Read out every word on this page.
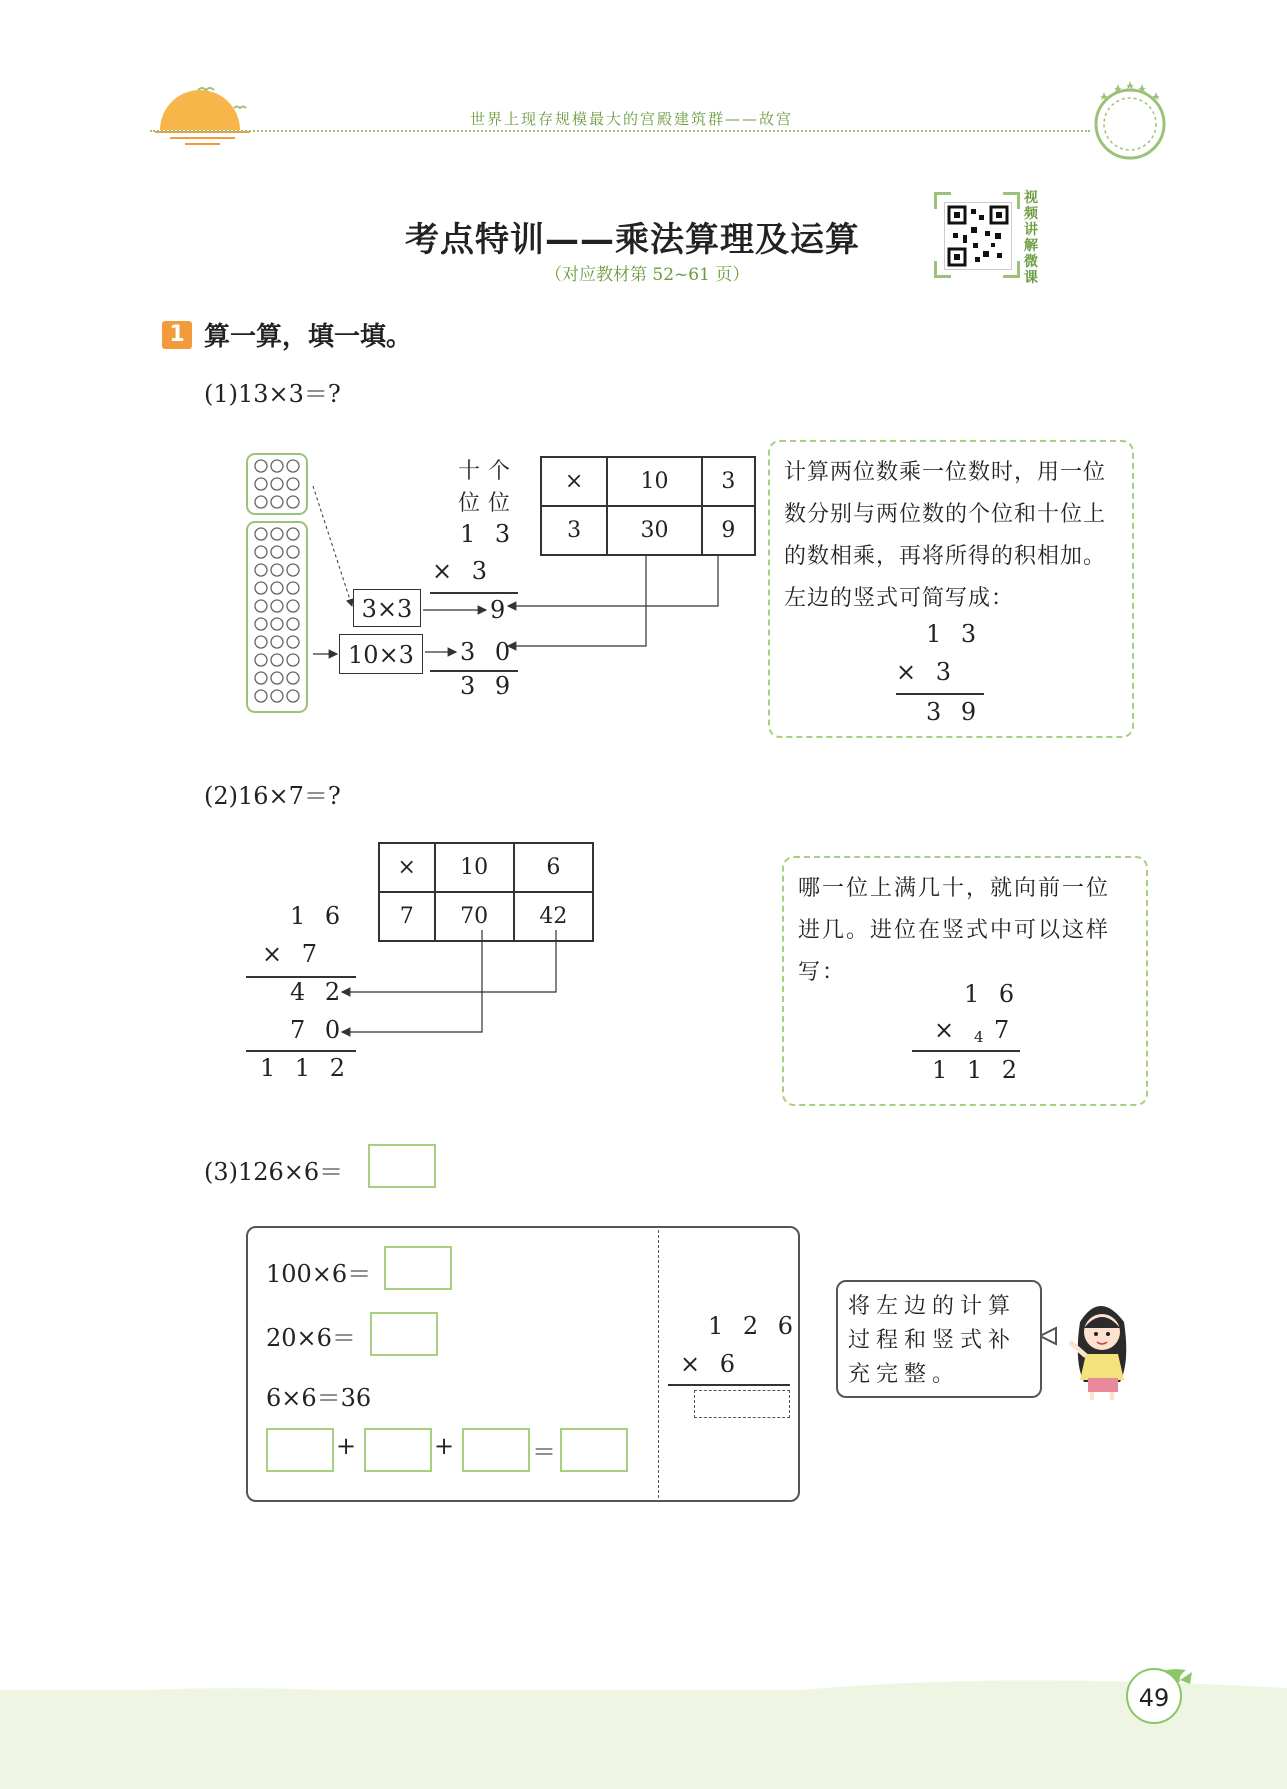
世界上现存规模最大的宫殿建筑群——故宫
考点特训——乘法算理及运算
（对应教材第 52~61 页）
视频讲解微课
1 算一算，填一填。
(1)13×3＝?
十 个
位 位
1 3
× 3
9
3 0
3 9
3×3
10×3
×	10	3
3	30	9
计算两位数乘一位数时，用一位数分别与两位数的个位和十位上的数相乘，再将所得的积相加。左边的竖式可简写成：
1 3
× 3
3 9
(2)16×7＝?
×	10	6
7	70	42
1 6
× 7
4 2
7 0
1 1 2
哪一位上满几十，就向前一位进几。进位在竖式中可以这样写：
1 6
× 4 7
1 1 2
(3)126×6＝
100×6＝
20×6＝
6×6＝36
+	+	＝
1 2 6
× 6
将左边的计算过程和竖式补充完整。
49
